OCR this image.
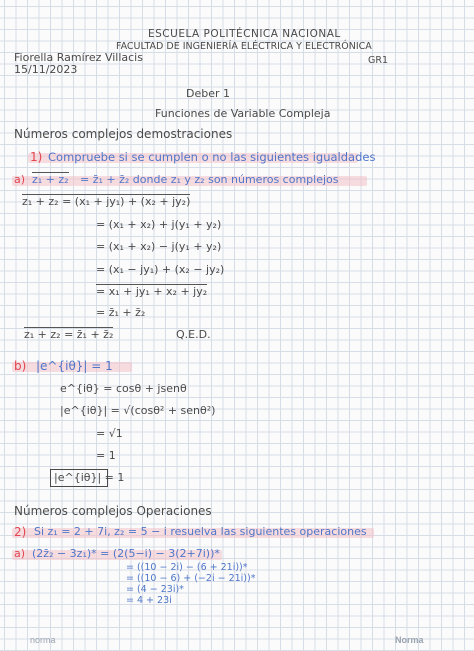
ESCUELA POLITÉCNICA NACIONAL
FACULTAD DE INGENIERÍA ELÉCTRICA Y ELECTRÓNICA
Fiorella Ramírez Villacis
15/11/2023
GR1
Deber 1
Funciones de Variable Compleja
Números complejos demostraciones
1) Compruebe si se cumplen o no las siguientes igualdades
a) z₁ + z₂ = z̄₁ + z̄₂ donde z₁ y z₂ son números complejos
z₁ + z₂ = (x₁ + jy₁) + (x₂ + jy₂)
= (x₁ + x₂) + j(y₁ + y₂)
= (x₁ + x₂) − j(y₁ + y₂)
= (x₁ − jy₁) + (x₂ − jy₂)
= x₁ + jy₁ + x₂ + jy₂
= z̄₁ + z̄₂
z₁ + z₂ = z̄₁ + z̄₂	Q.E.D.
b) |e^{iθ}| = 1
e^{iθ} = cosθ + jsenθ
|e^{iθ}| = √(cosθ² + senθ²)
= √1
= 1
|e^{iθ}| = 1
Números complejos Operaciones
2) Si z₁ = 2 + 7i, z₂ = 5 − i resuelva las siguientes operaciones
a) (2z̄₂ − 3z₁)* = (2(5−i) − 3(2+7i))*
= ((10 − 2i) − (6 + 21i))*
= ((10 − 6) + (−2i − 21i))*
= (4 − 23i)*
= 4 + 23i
norma	Norma
